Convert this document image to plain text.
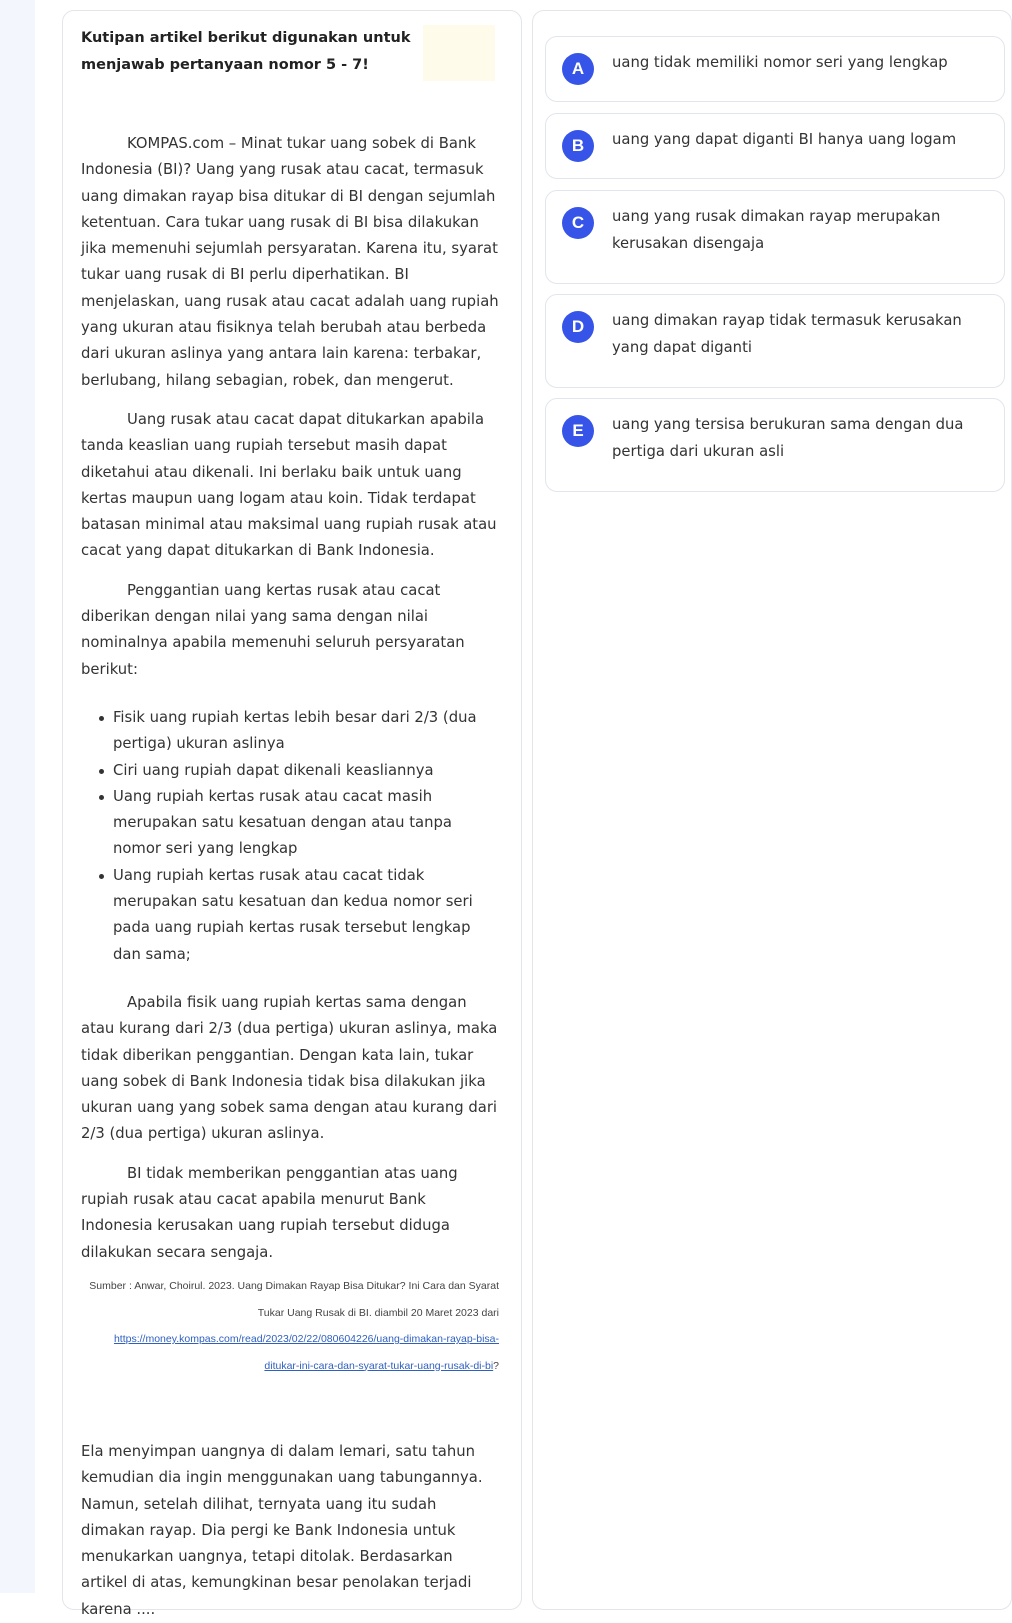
Kutipan artikel berikut digunakan untuk menjawab pertanyaan nomor 5 - 7!

KOMPAS.com – Minat tukar uang sobek di Bank Indonesia (BI)? Uang yang rusak atau cacat, termasuk uang dimakan rayap bisa ditukar di BI dengan sejumlah ketentuan. Cara tukar uang rusak di BI bisa dilakukan jika memenuhi sejumlah persyaratan. Karena itu, syarat tukar uang rusak di BI perlu diperhatikan. BI menjelaskan, uang rusak atau cacat adalah uang rupiah yang ukuran atau fisiknya telah berubah atau berbeda dari ukuran aslinya yang antara lain karena: terbakar, berlubang, hilang sebagian, robek, dan mengerut.

Uang rusak atau cacat dapat ditukarkan apabila tanda keaslian uang rupiah tersebut masih dapat diketahui atau dikenali. Ini berlaku baik untuk uang kertas maupun uang logam atau koin. Tidak terdapat batasan minimal atau maksimal uang rupiah rusak atau cacat yang dapat ditukarkan di Bank Indonesia.

Penggantian uang kertas rusak atau cacat diberikan dengan nilai yang sama dengan nilai nominalnya apabila memenuhi seluruh persyaratan berikut:

Fisik uang rupiah kertas lebih besar dari 2/3 (dua pertiga) ukuran aslinya
Ciri uang rupiah dapat dikenali keasliannya
Uang rupiah kertas rusak atau cacat masih merupakan satu kesatuan dengan atau tanpa nomor seri yang lengkap
Uang rupiah kertas rusak atau cacat tidak merupakan satu kesatuan dan kedua nomor seri pada uang rupiah kertas rusak tersebut lengkap dan sama;

Apabila fisik uang rupiah kertas sama dengan atau kurang dari 2/3 (dua pertiga) ukuran aslinya, maka tidak diberikan penggantian. Dengan kata lain, tukar uang sobek di Bank Indonesia tidak bisa dilakukan jika ukuran uang yang sobek sama dengan atau kurang dari 2/3 (dua pertiga) ukuran aslinya.

BI tidak memberikan penggantian atas uang rupiah rusak atau cacat apabila menurut Bank Indonesia kerusakan uang rupiah tersebut diduga dilakukan secara sengaja.

Sumber : Anwar, Choirul. 2023. Uang Dimakan Rayap Bisa Ditukar? Ini Cara dan Syarat Tukar Uang Rusak di BI. diambil 20 Maret 2023 dari
https://money.kompas.com/read/2023/02/22/080604226/uang-dimakan-rayap-bisa-ditukar-ini-cara-dan-syarat-tukar-uang-rusak-di-bi?
Ela menyimpan uangnya di dalam lemari, satu tahun kemudian dia ingin menggunakan uang tabungannya. Namun, setelah dilihat, ternyata uang itu sudah dimakan rayap. Dia pergi ke Bank Indonesia untuk menukarkan uangnya, tetapi ditolak. Berdasarkan artikel di atas, kemungkinan besar penolakan terjadi karena ....
A	uang tidak memiliki nomor seri yang lengkap
B	uang yang dapat diganti BI hanya uang logam
C	uang yang rusak dimakan rayap merupakan kerusakan disengaja
D	uang dimakan rayap tidak termasuk kerusakan yang dapat diganti
E	uang yang tersisa berukuran sama dengan dua pertiga dari ukuran asli
